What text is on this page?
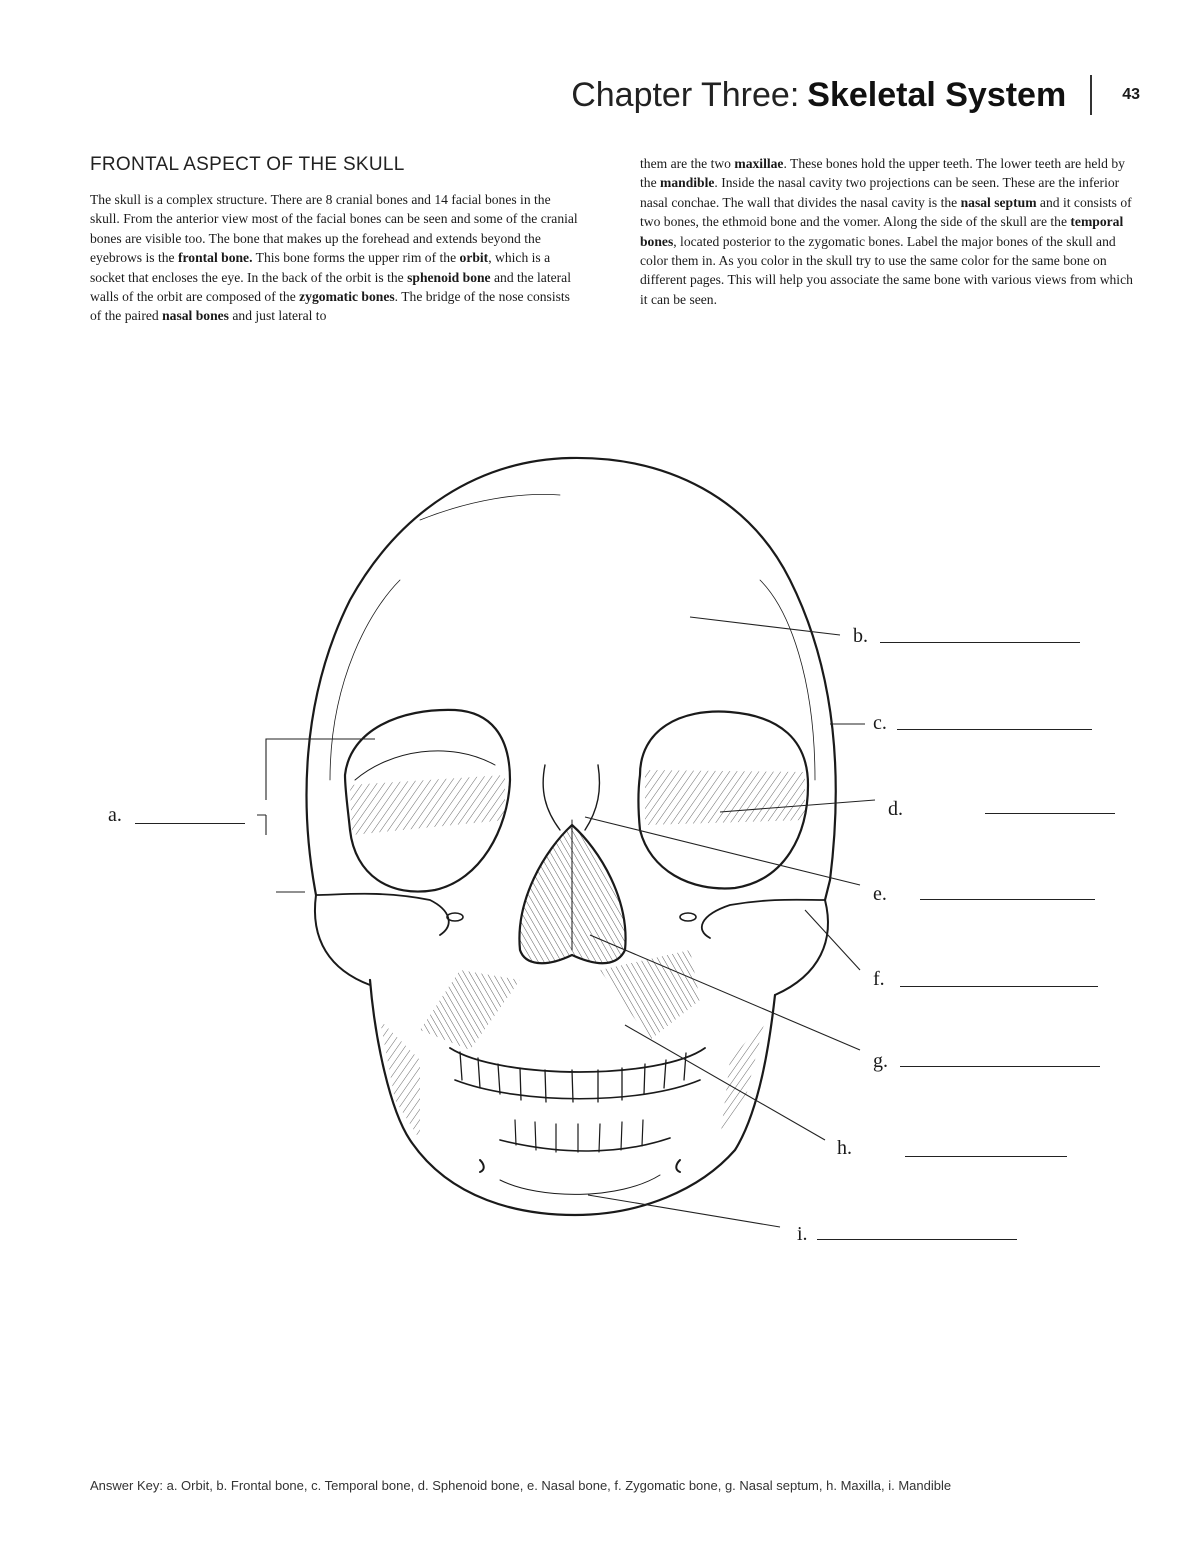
Chapter Three: Skeletal System	43
FRONTAL ASPECT OF THE SKULL

The skull is a complex structure. There are 8 cranial bones and 14 facial bones in the skull. From the anterior view most of the facial bones can be seen and some of the cranial bones are visible too. The bone that makes up the forehead and extends beyond the eyebrows is the frontal bone. This bone forms the upper rim of the orbit, which is a socket that encloses the eye. In the back of the orbit is the sphenoid bone and the lateral walls of the orbit are composed of the zygomatic bones. The bridge of the nose consists of the paired nasal bones and just lateral to

them are the two maxillae. These bones hold the upper teeth. The lower teeth are held by the mandible. Inside the nasal cavity two projections can be seen. These are the inferior nasal conchae. The wall that divides the nasal cavity is the nasal septum and it consists of two bones, the ethmoid bone and the vomer. Along the side of the skull are the temporal bones, located posterior to the zygomatic bones. Label the major bones of the skull and color them in. As you color in the skull try to use the same color for the same bone on different pages. This will help you associate the same bone with various views from which it can be seen.

a.
b.
c.
d.
e.
f.
g.
h.
i.
Answer Key: a. Orbit, b. Frontal bone, c. Temporal bone, d. Sphenoid bone, e. Nasal bone, f. Zygomatic bone, g. Nasal septum, h. Maxilla, i. Mandible
